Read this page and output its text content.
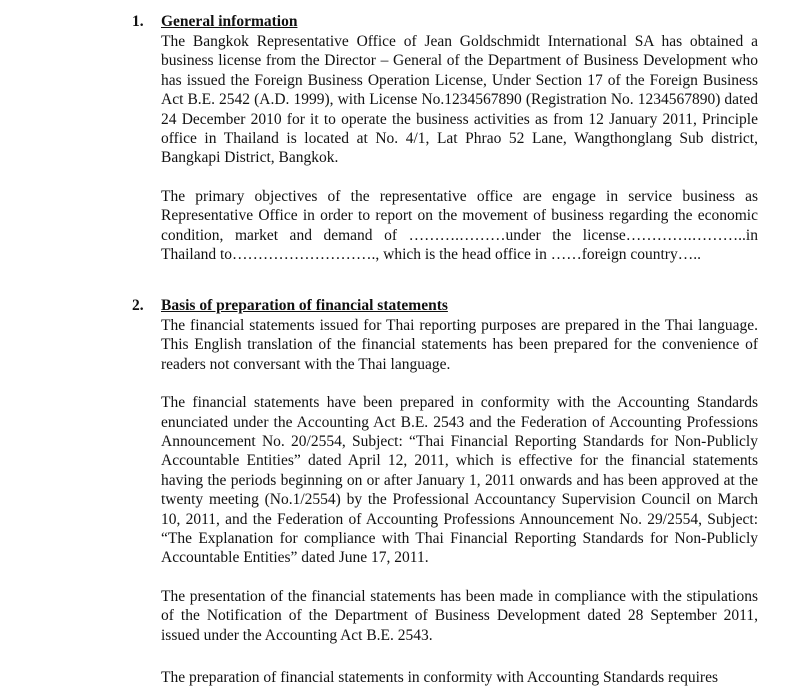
1.	General information

The Bangkok Representative Office of Jean Goldschmidt International SA has obtained a business license from the Director – General of the Department of Business Development who has issued the Foreign Business Operation License, Under Section 17 of the Foreign Business Act B.E. 2542 (A.D. 1999), with License No.1234567890 (Registration No. 1234567890) dated 24 December 2010 for it to operate the business activities as from 12 January 2011, Principle office in Thailand is located at No. 4/1, Lat Phrao 52 Lane, Wangthonglang Sub district, Bangkapi District, Bangkok.

The primary objectives of the representative office are engage in service business as Representative Office in order to report on the movement of business regarding the economic condition, market and demand of ……….………under the license………….………..in Thailand to………………………., which is the head office in ……foreign country…..

2.	Basis of preparation of financial statements

The financial statements issued for Thai reporting purposes are prepared in the Thai language. This English translation of the financial statements has been prepared for the convenience of readers not conversant with the Thai language.

The financial statements have been prepared in conformity with the Accounting Standards enunciated under the Accounting Act B.E. 2543 and the Federation of Accounting Professions Announcement No. 20/2554, Subject: “Thai Financial Reporting Standards for Non-Publicly Accountable Entities” dated April 12, 2011, which is effective for the financial statements having the periods beginning on or after January 1, 2011 onwards and has been approved at the twenty meeting (No.1/2554) by the Professional Accountancy Supervision Council on March 10, 2011, and the Federation of Accounting Professions Announcement No. 29/2554, Subject: “The Explanation for compliance with Thai Financial Reporting Standards for Non-Publicly Accountable Entities” dated June 17, 2011.

The presentation of the financial statements has been made in compliance with the stipulations of the Notification of the Department of Business Development dated 28 September 2011, issued under the Accounting Act B.E. 2543.

The preparation of financial statements in conformity with Accounting Standards requires
